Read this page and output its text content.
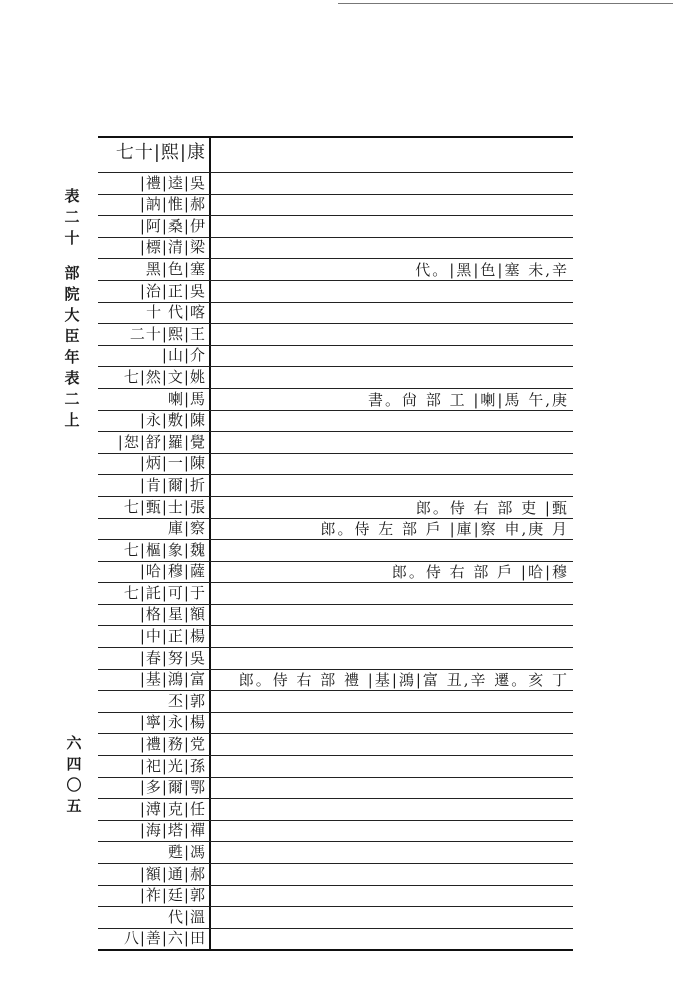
表
二
十
部
院
大
臣
年
表
二
上
六
四
〇
五
七十|熙|康
|禮|逵|吳
|訥|惟|郝
|阿|桑|伊
|標|清|梁
黑|色|塞	代。|黑|色|塞 未,辛
|治|正|吳
十 代|喀
二十|熙|王
|山|介
七|然|文|姚
喇|馬	書。尙 部 工 |喇|馬 午,庚
|永|敷|陳
|恕|舒|羅|覺
|炳|一|陳
|肯|爾|折
七|甄|士|張	郎。侍 右 部 吏 |甄
庫|察	郎。侍 左 部 戶 |庫|察 申,庚 月
七|樞|象|魏
|哈|穆|薩	郎。侍 右 部 戶 |哈|穆
七|託|可|于
|格|星|額
|中|正|楊
|春|努|吳
|基|鴻|富	郎。侍 右 部 禮 |基|鴻|富 丑,辛 遷。亥 丁
丕|郭
|寧|永|楊
|禮|務|党
|祀|光|孫
|多|爾|鄂
|溥|克|任
|海|塔|禪
甦|馮
|額|通|郝
|祚|廷|郭
代|溫
八|善|六|田
